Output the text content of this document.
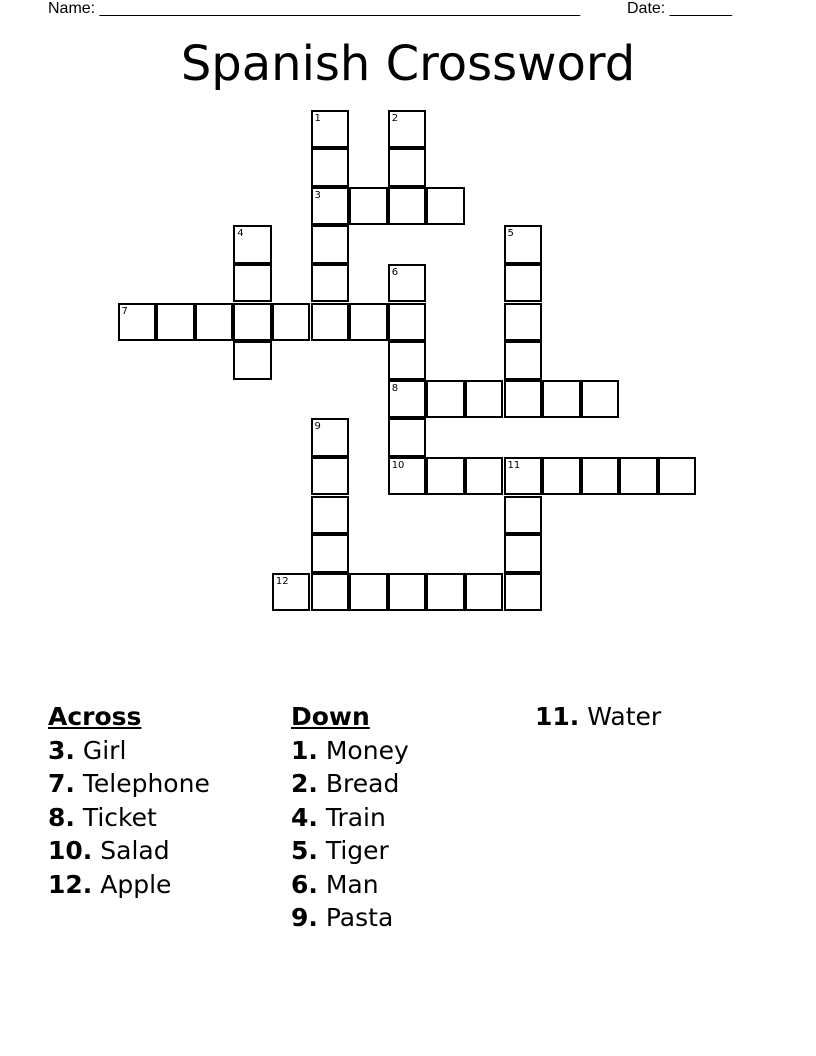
Name: ______________________________________________________	Date: _______
Spanish Crossword
1	2
3
4	5
6
7
8
9
10	11
12
Across
3. Girl
7. Telephone
8. Ticket
10. Salad
12. Apple
Down
1. Money
2. Bread
4. Train
5. Tiger
6. Man
9. Pasta
11. Water
